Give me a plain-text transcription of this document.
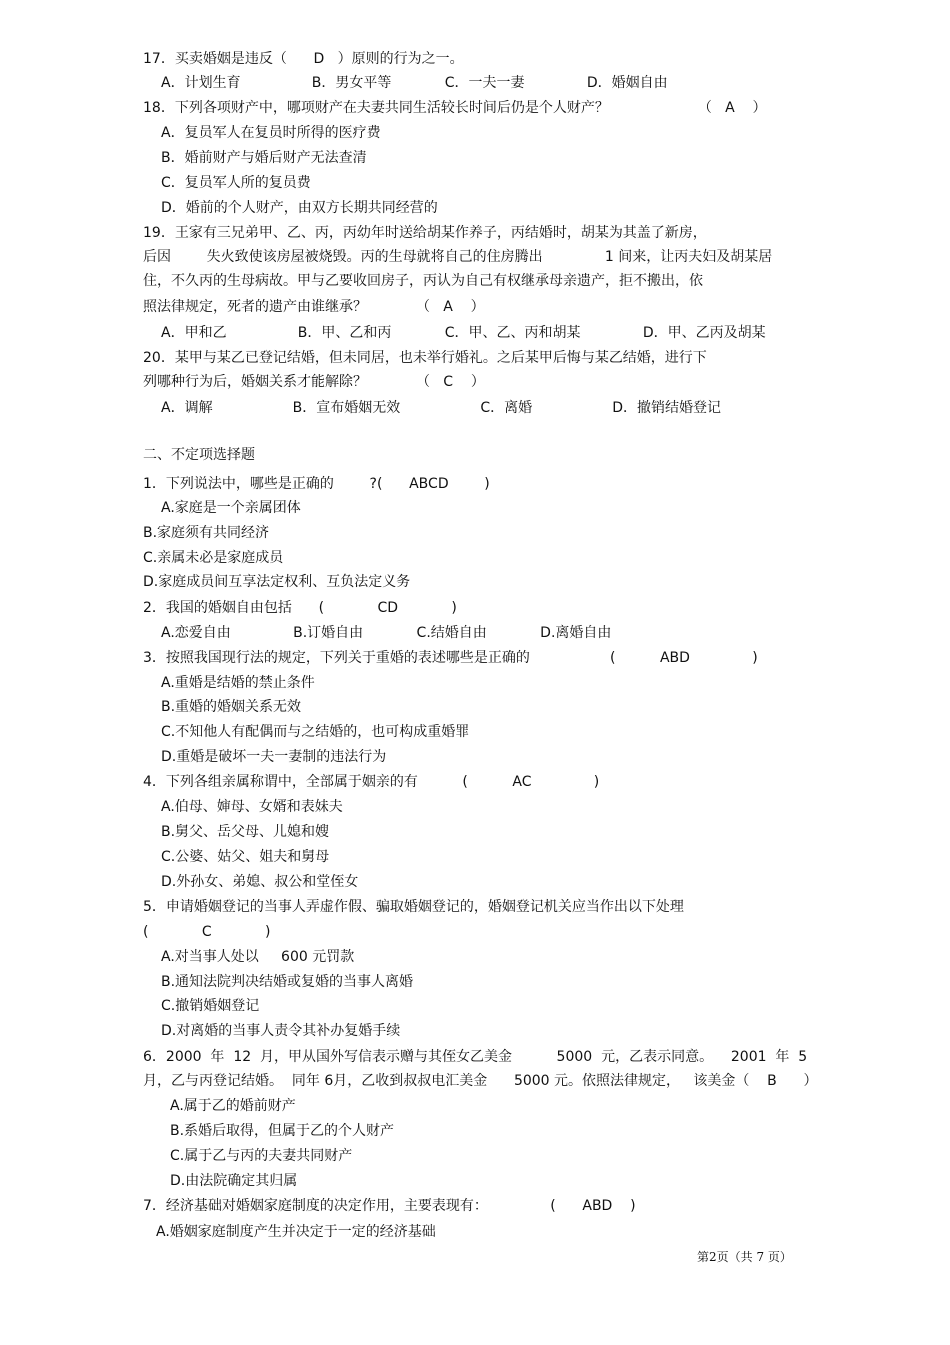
17．买卖婚姻是违反（      D   ）原则的行为之一。
A．计划生育                B．男女平等            C．一夫一妻              D．婚姻自由
18．下列各项财产中，哪项财产在夫妻共同生活较长时间后仍是个人财产？                    （   A    ）
A．复员军人在复员时所得的医疗费
B．婚前财产与婚后财产无法查清
C．复员军人所的复员费
D．婚前的个人财产，由双方长期共同经营的
19．王家有三兄弟甲、乙、丙，丙幼年时送给胡某作养子，丙结婚时，胡某为其盖了新房，
后因        失火致使该房屋被烧毁。丙的生母就将自己的住房腾出              1 间来，让丙夫妇及胡某居
住，不久丙的生母病故。甲与乙要收回房子，丙认为自己有权继承母亲遗产，拒不搬出，依
照法律规定，死者的遗产由谁继承？           （   A    ）
A．甲和乙                B．甲、乙和丙            C．甲、乙、丙和胡某              D．甲、乙丙及胡某
20．某甲与某乙已登记结婚，但未同居，也未举行婚礼。之后某甲后悔与某乙结婚，进行下
列哪种行为后，婚姻关系才能解除？           （   C    ）
A．调解                  B．宣布婚姻无效                  C．离婚                  D．撤销结婚登记
二、不定项选择题
1．下列说法中，哪些是正确的        ?(      ABCD        )
A.家庭是一个亲属团体
B.家庭须有共同经济
C.亲属未必是家庭成员
D.家庭成员间互享法定权利、互负法定义务
2．我国的婚姻自由包括      (            CD            )
A.恋爱自由              B.订婚自由            C.结婚自由            D.离婚自由
3．按照我国现行法的规定，下列关于重婚的表述哪些是正确的                  (          ABD              )
A.重婚是结婚的禁止条件
B.重婚的婚姻关系无效
C.不知他人有配偶而与之结婚的，也可构成重婚罪
D.重婚是破坏一夫一妻制的违法行为
4．下列各组亲属称谓中，全部属于姻亲的有          (          AC              )
A.伯母、婶母、女婿和表妹夫
B.舅父、岳父母、儿媳和嫂
C.公婆、姑父、姐夫和舅母
D.外孙女、弟媳、叔公和堂侄女
5．申请婚姻登记的当事人弄虚作假、骗取婚姻登记的，婚姻登记机关应当作出以下处理
(            C            )
A.对当事人处以     600 元罚款
B.通知法院判决结婚或复婚的当事人离婚
C.撤销婚姻登记
D.对离婚的当事人责令其补办复婚手续
6．2000  年  12  月，甲从国外写信表示赠与其侄女乙美金          5000  元，乙表示同意。    2001  年  5
月，乙与丙登记结婚。  同年 6月，乙收到叔叔电汇美金      5000 元。依照法律规定，   该美金（    B      ）
A.属于乙的婚前财产
B.系婚后取得，但属于乙的个人财产
C.属于乙与丙的夫妻共同财产
D.由法院确定其归属
7．经济基础对婚姻家庭制度的决定作用，主要表现有：              (      ABD    )
A.婚姻家庭制度产生并决定于一定的经济基础
第2页（共 7 页）
